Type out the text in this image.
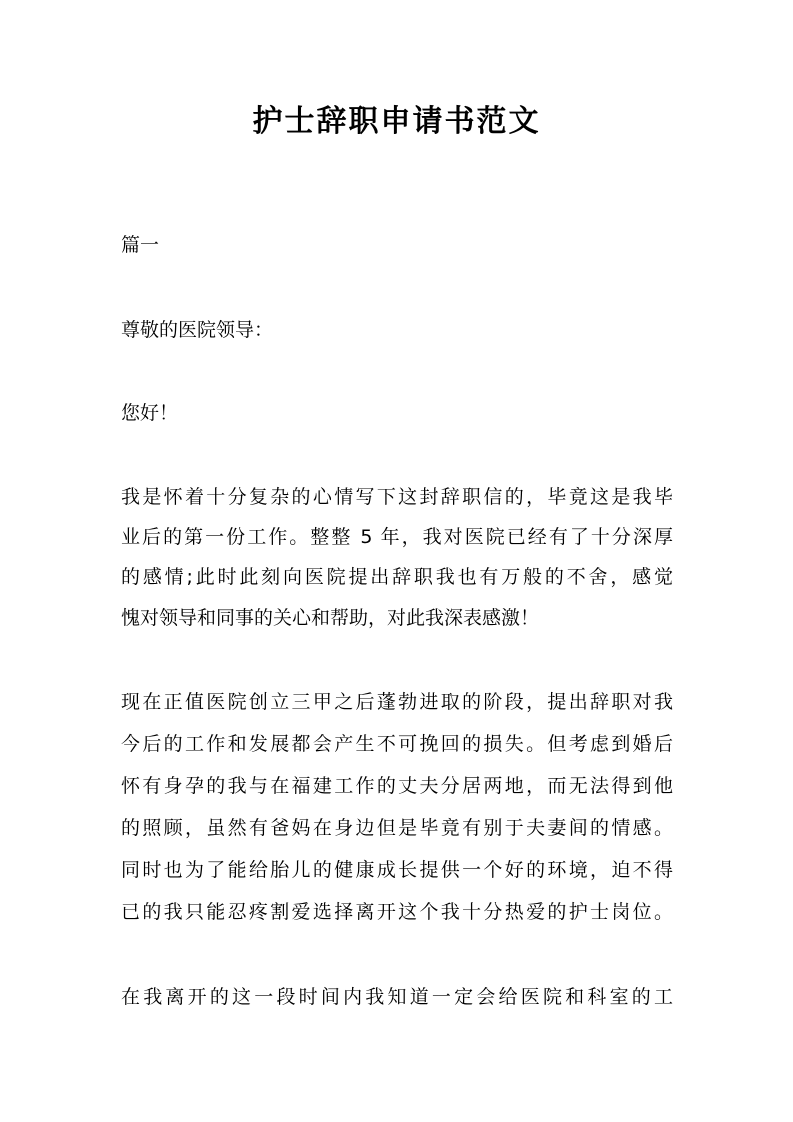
护士辞职申请书范文
篇一
尊敬的医院领导：
您好！
我是怀着十分复杂的心情写下这封辞职信的，毕竟这是我毕
业后的第一份工作。整整 5 年，我对医院已经有了十分深厚
的感情;此时此刻向医院提出辞职我也有万般的不舍，感觉
愧对领导和同事的关心和帮助，对此我深表感激！
现在正值医院创立三甲之后蓬勃进取的阶段，提出辞职对我
今后的工作和发展都会产生不可挽回的损失。但考虑到婚后
怀有身孕的我与在福建工作的丈夫分居两地，而无法得到他
的照顾，虽然有爸妈在身边但是毕竟有别于夫妻间的情感。
同时也为了能给胎儿的健康成长提供一个好的环境，迫不得
已的我只能忍疼割爱选择离开这个我十分热爱的护士岗位。
在我离开的这一段时间内我知道一定会给医院和科室的工
